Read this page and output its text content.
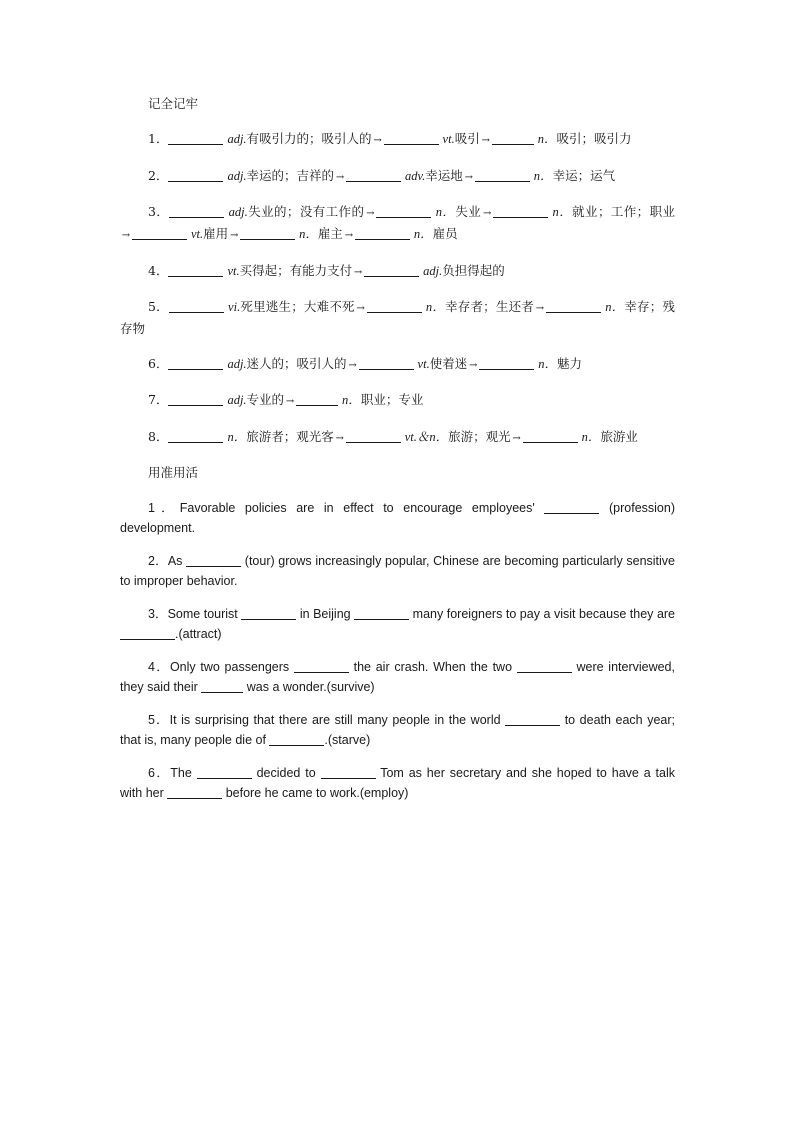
记全记牢
1．	adj.有吸引力的；吸引人的 →	vt.吸引 →	n．吸引；吸引力
2．	adj.幸运的；吉祥的 →	adv.幸运地 →	n．幸运；运气
3．	adj.失业的；没有工作的 →	n．失业 →	n．就业；工作；职业→	vt.雇用 →	n．雇主 →	n．雇员
4．	vt.买得起；有能力支付 →	adj.负担得起的
5．	vi.死里逃生；大难不死 →	n．幸存者；生还者 →	n．幸存；残存物
6．	adj.迷人的；吸引人的 →	vt.使着迷 →	n．魅力
7．	adj.专业的 →	n．职业；专业
8．	n．旅游者；观光客 →	vt.＆n．旅游；观光 →	n．旅游业
用准用活
1．Favorable policies are in effect to encourage employees'	(profession) development.
2．As	(tour) grows increasingly popular, Chinese are becoming particularly sensitive to improper behavior.
3．Some tourist	in Beijing	many foreigners to pay a visit because they are .(attract)
4．Only two passengers	the air crash. When the two	were interviewed, they said their	was a wonder.(survive)
5．It is surprising that there are still many people in the world	to death each year; that is, many people die of	.(starve)
6．The	decided to	Tom as her secretary and she hoped to have a talk with her	before he came to work.(employ)
